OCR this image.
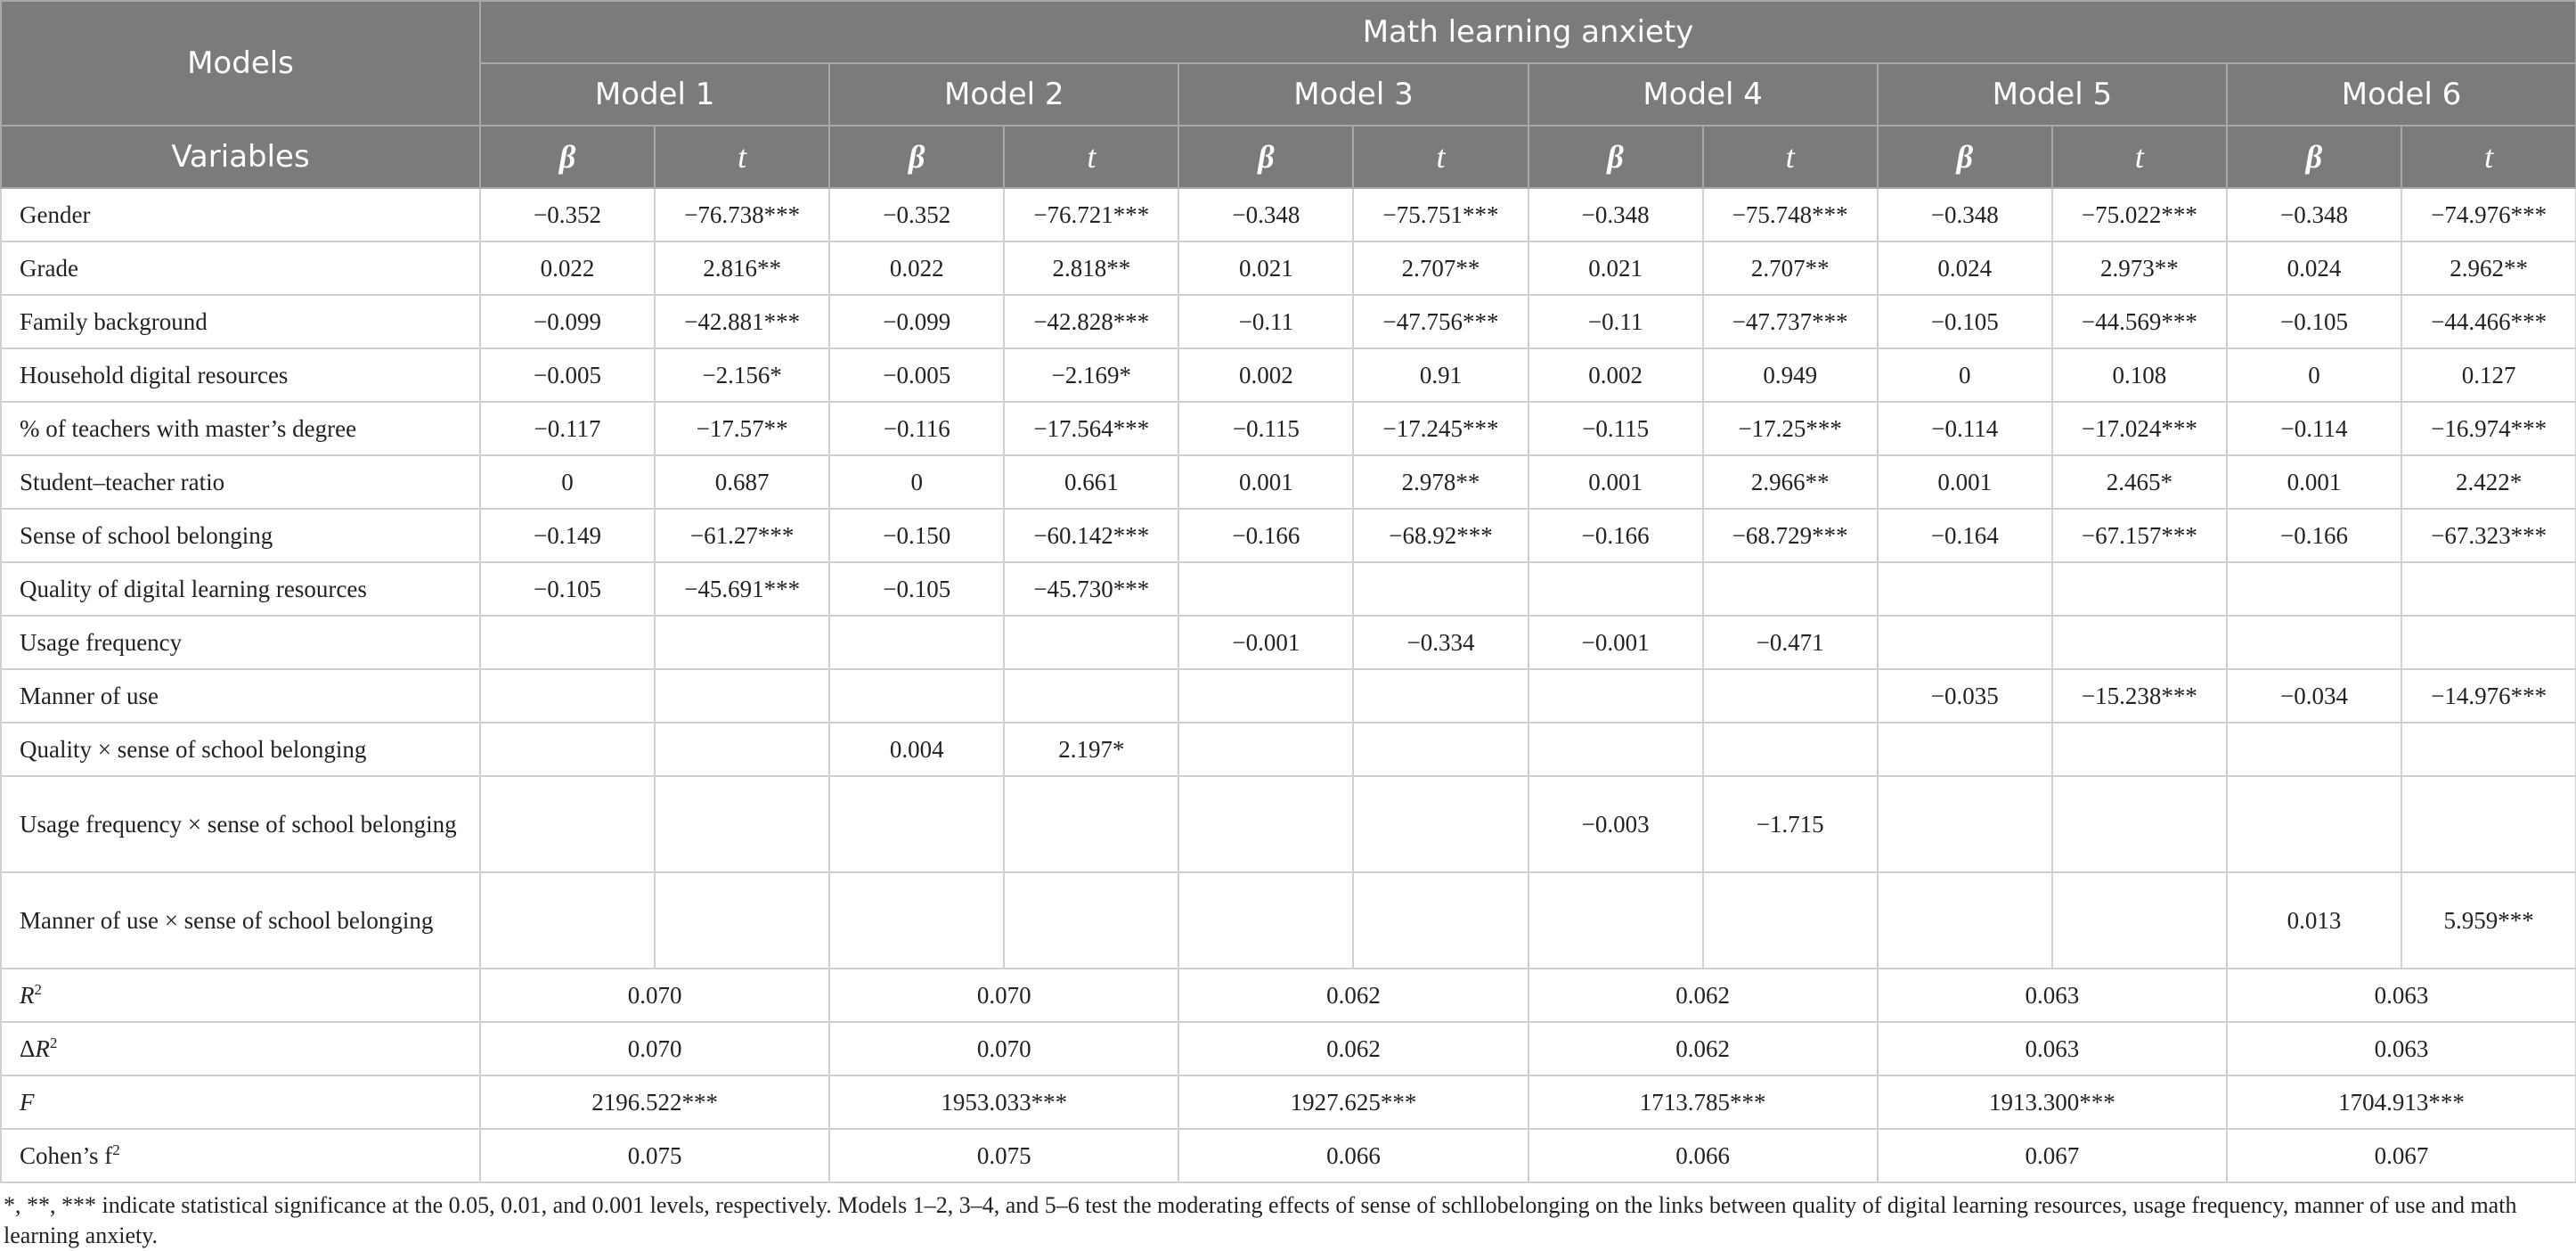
Models	Math learning anxiety											
	Model 1		Model 2		Model 3		Model 4		Model 5		Model 6	
Variables	β	t	β	t	β	t	β	t	β	t	β	t
Gender	−0.352	−76.738***	−0.352	−76.721***	−0.348	−75.751***	−0.348	−75.748***	−0.348	−75.022***	−0.348	−74.976***
Grade	0.022	2.816**	0.022	2.818**	0.021	2.707**	0.021	2.707**	0.024	2.973**	0.024	2.962**
Family background	−0.099	−42.881***	−0.099	−42.828***	−0.11	−47.756***	−0.11	−47.737***	−0.105	−44.569***	−0.105	−44.466***
Household digital resources	−0.005	−2.156*	−0.005	−2.169*	0.002	0.91	0.002	0.949	0	0.108	0	0.127
% of teachers with master’s degree	−0.117	−17.57**	−0.116	−17.564***	−0.115	−17.245***	−0.115	−17.25***	−0.114	−17.024***	−0.114	−16.974***
Student–teacher ratio	0	0.687	0	0.661	0.001	2.978**	0.001	2.966**	0.001	2.465*	0.001	2.422*
Sense of school belonging	−0.149	−61.27***	−0.150	−60.142***	−0.166	−68.92***	−0.166	−68.729***	−0.164	−67.157***	−0.166	−67.323***
Quality of digital learning resources	−0.105	−45.691***	−0.105	−45.730***								
Usage frequency					−0.001	−0.334	−0.001	−0.471				
Manner of use									−0.035	−15.238***	−0.034	−14.976***
Quality × sense of school belonging			0.004	2.197*								
Usage frequency × sense of school belonging							−0.003	−1.715				
Manner of use × sense of school belonging											0.013	5.959***
$R^2$	0.070		0.070		0.062		0.062		0.063		0.063	
$\Delta R^2$	0.070		0.070		0.062		0.062		0.063		0.063	
F	2196.522***		1953.033***		1927.625***		1713.785***		1913.300***		1704.913***	
Cohen’s $f^2$	0.075		0.075		0.066		0.066		0.067		0.067	
*, **, *** indicate statistical significance at the 0.05, 0.01, and 0.001 levels, respectively. Models 1–2, 3–4, and 5–6 test the moderating effects of sense of schllobelonging on the links between quality of digital learning resources, usage frequency, manner of use and math learning anxiety.
